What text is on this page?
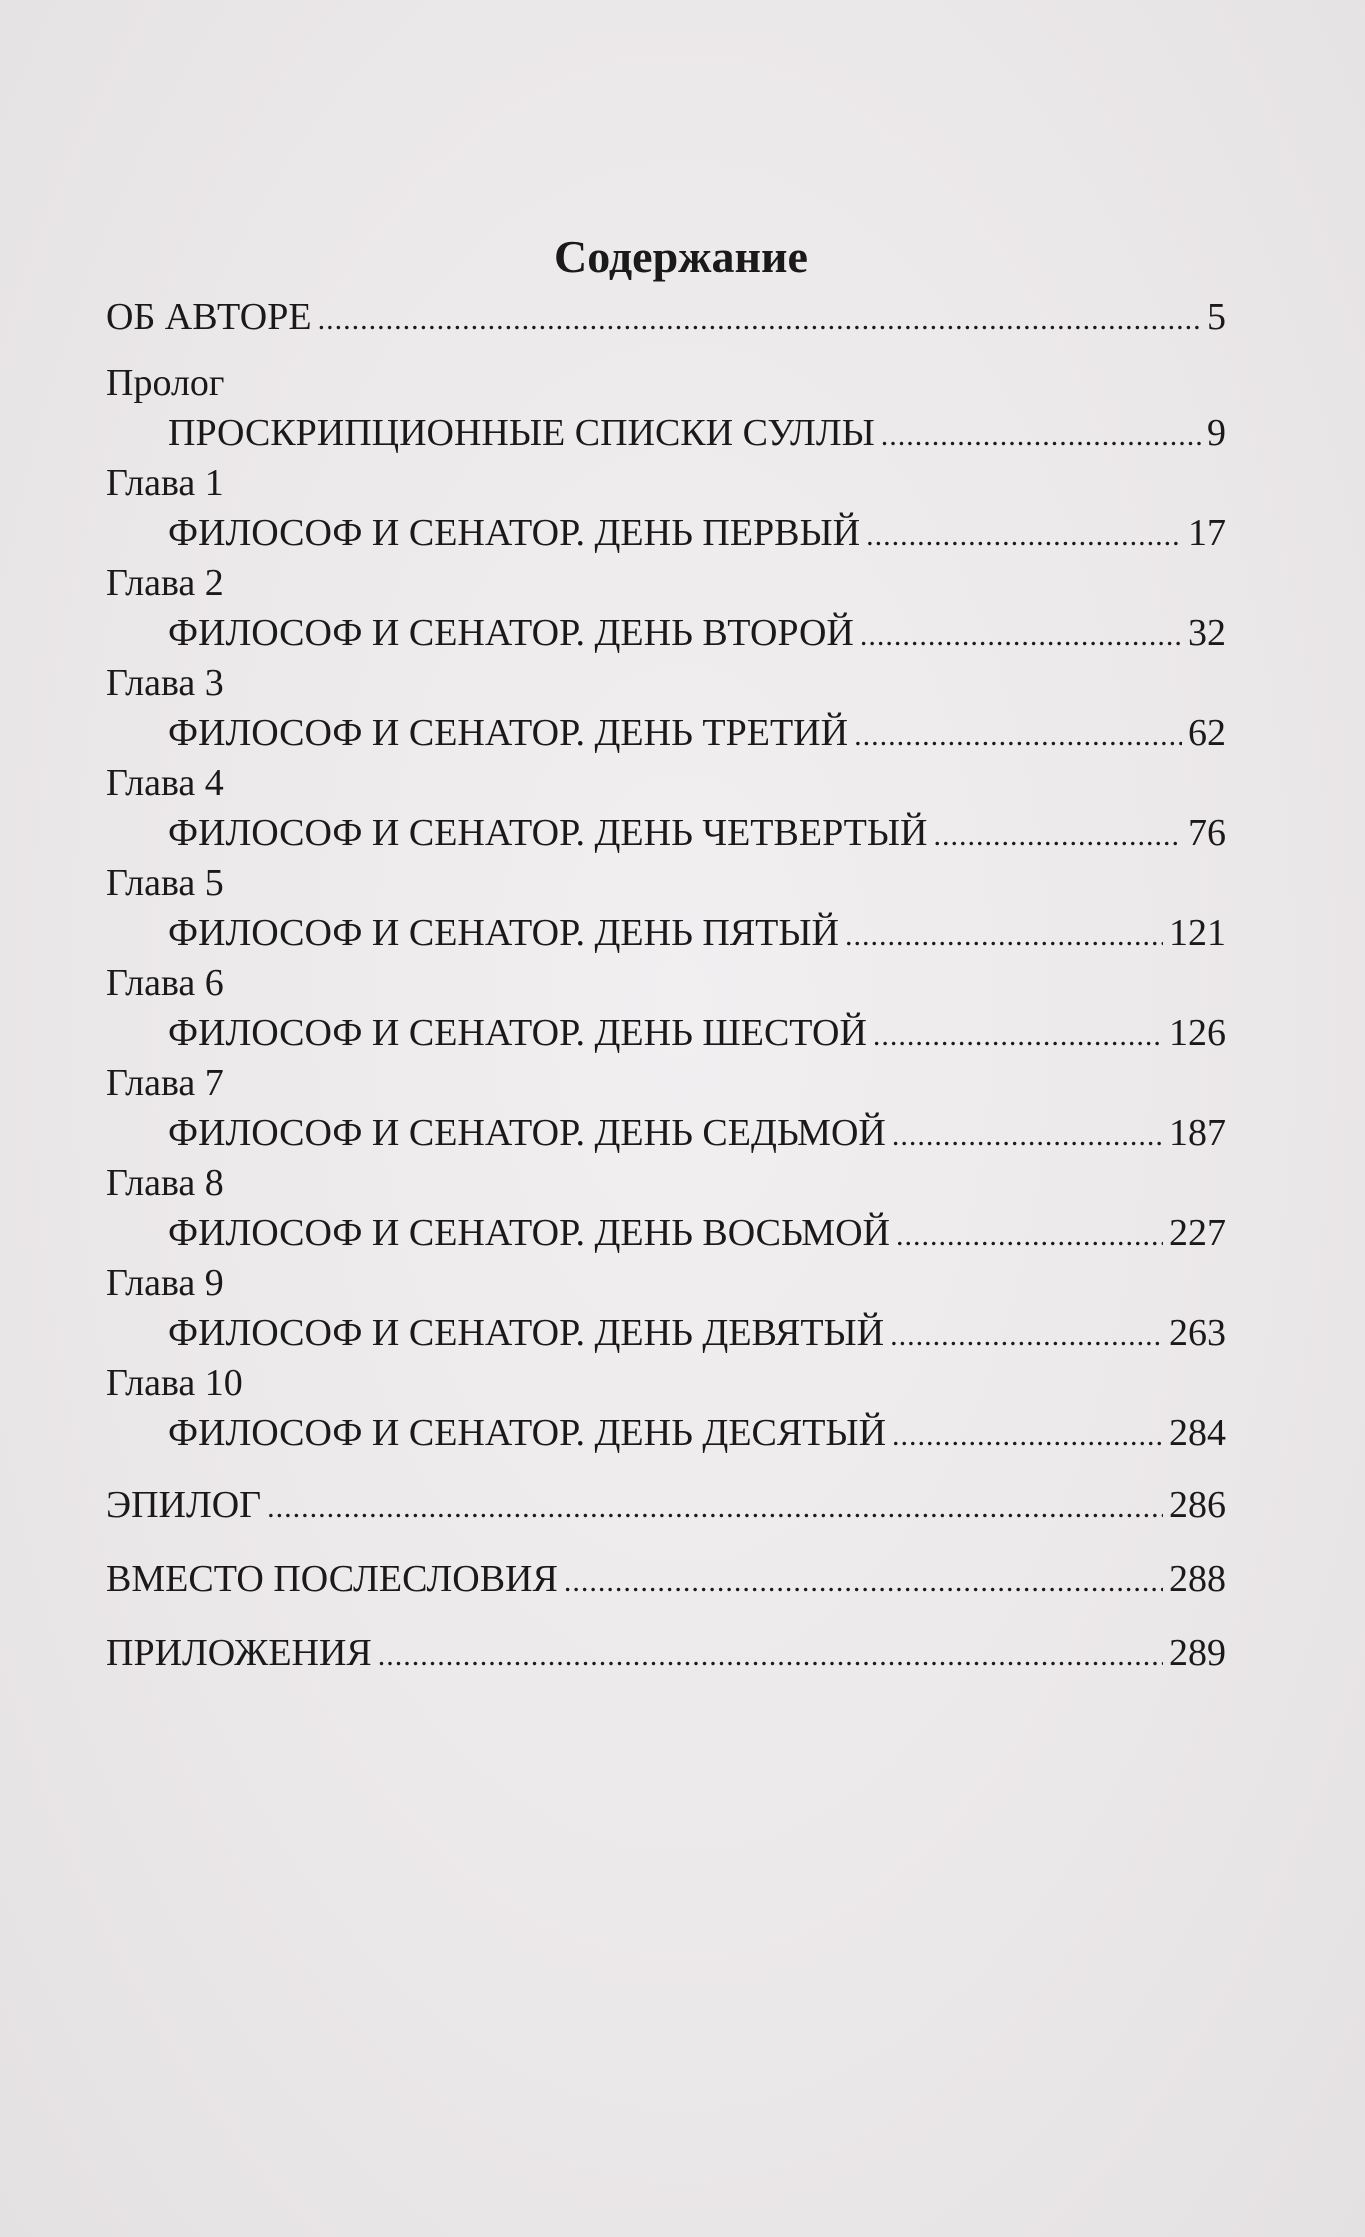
Содержание
ОБ АВТОРЕ .....	5
Пролог
ПРОСКРИПЦИОННЫЕ СПИСКИ СУЛЛЫ .....	9
Глава 1
ФИЛОСОФ И СЕНАТОР. ДЕНЬ ПЕРВЫЙ .....	17
Глава 2
ФИЛОСОФ И СЕНАТОР. ДЕНЬ ВТОРОЙ .....	32
Глава 3
ФИЛОСОФ И СЕНАТОР. ДЕНЬ ТРЕТИЙ .....	62
Глава 4
ФИЛОСОФ И СЕНАТОР. ДЕНЬ ЧЕТВЕРТЫЙ .....	76
Глава 5
ФИЛОСОФ И СЕНАТОР. ДЕНЬ ПЯТЫЙ .....	121
Глава 6
ФИЛОСОФ И СЕНАТОР. ДЕНЬ ШЕСТОЙ .....	126
Глава 7
ФИЛОСОФ И СЕНАТОР. ДЕНЬ СЕДЬМОЙ .....	187
Глава 8
ФИЛОСОФ И СЕНАТОР. ДЕНЬ ВОСЬМОЙ .....	227
Глава 9
ФИЛОСОФ И СЕНАТОР. ДЕНЬ ДЕВЯТЫЙ .....	263
Глава 10
ФИЛОСОФ И СЕНАТОР. ДЕНЬ ДЕСЯТЫЙ .....	284
ЭПИЛОГ .....	286
ВМЕСТО ПОСЛЕСЛОВИЯ .....	288
ПРИЛОЖЕНИЯ .....	289
